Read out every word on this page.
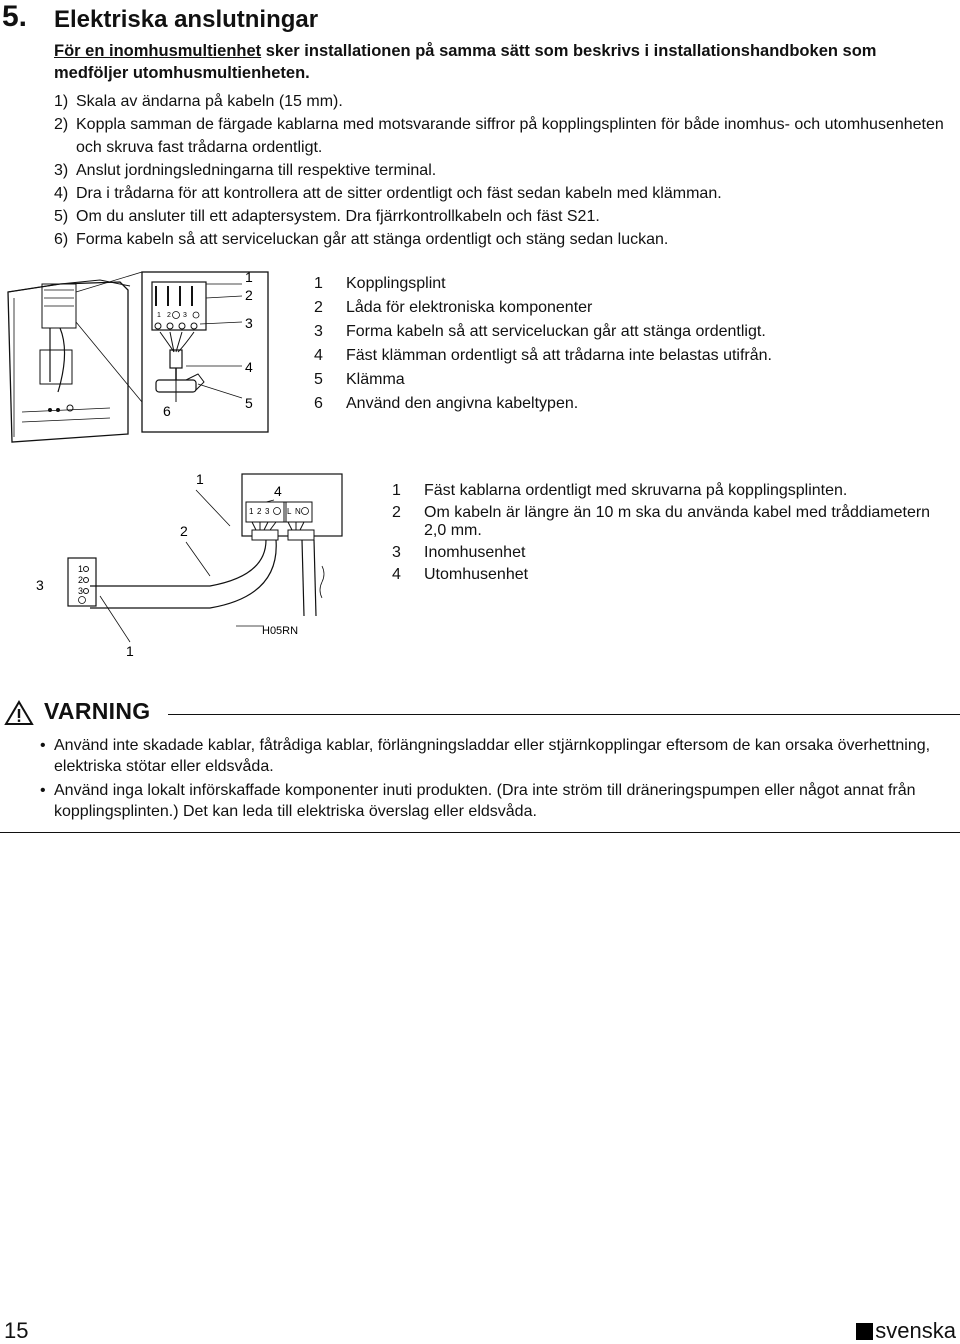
5. Elektriska anslutningar
För en inomhusmultienhet sker installationen på samma sätt som beskrivs i installationshandboken som medföljer utomhusmultienheten.
1) Skala av ändarna på kabeln (15 mm).
2) Koppla samman de färgade kablarna med motsvarande siffror på kopplingsplinten för både inomhus- och utomhusenheten och skruva fast trådarna ordentligt.
3) Anslut jordningsledningarna till respektive terminal.
4) Dra i trådarna för att kontrollera att de sitter ordentligt och fäst sedan kabeln med klämman.
5) Om du ansluter till ett adaptersystem. Dra fjärrkontrollkabeln och fäst S21.
6) Forma kabeln så att serviceluckan går att stänga ordentligt och stäng sedan luckan.
1 2 3
1
2
3
4
5
6
1	Kopplingsplint
2	Låda för elektroniska komponenter
3	Forma kabeln så att serviceluckan går att stänga ordentligt.
4	Fäst klämman ordentligt så att trådarna inte belastas utifrån.
5	Klämma
6	Använd den angivna kabeltypen.
1
4
2
3
1
1 2 3 L N
1
2
3
H05RN
1	Fäst kablarna ordentligt med skruvarna på kopplingsplinten.
2	Om kabeln är längre än 10 m ska du använda kabel med tråddiametern 2,0 mm.
3	Inomhusenhet
4	Utomhusenhet
VARNING
• Använd inte skadade kablar, fåtrådiga kablar, förlängningsladdar eller stjärnkopplingar eftersom de kan orsaka överhettning, elektriska stötar eller eldsvåda.
• Använd inga lokalt införskaffade komponenter inuti produkten. (Dra inte ström till dräneringspumpen eller något annat från kopplingsplinten.) Det kan leda till elektriska överslag eller eldsvåda.
15	svenska
